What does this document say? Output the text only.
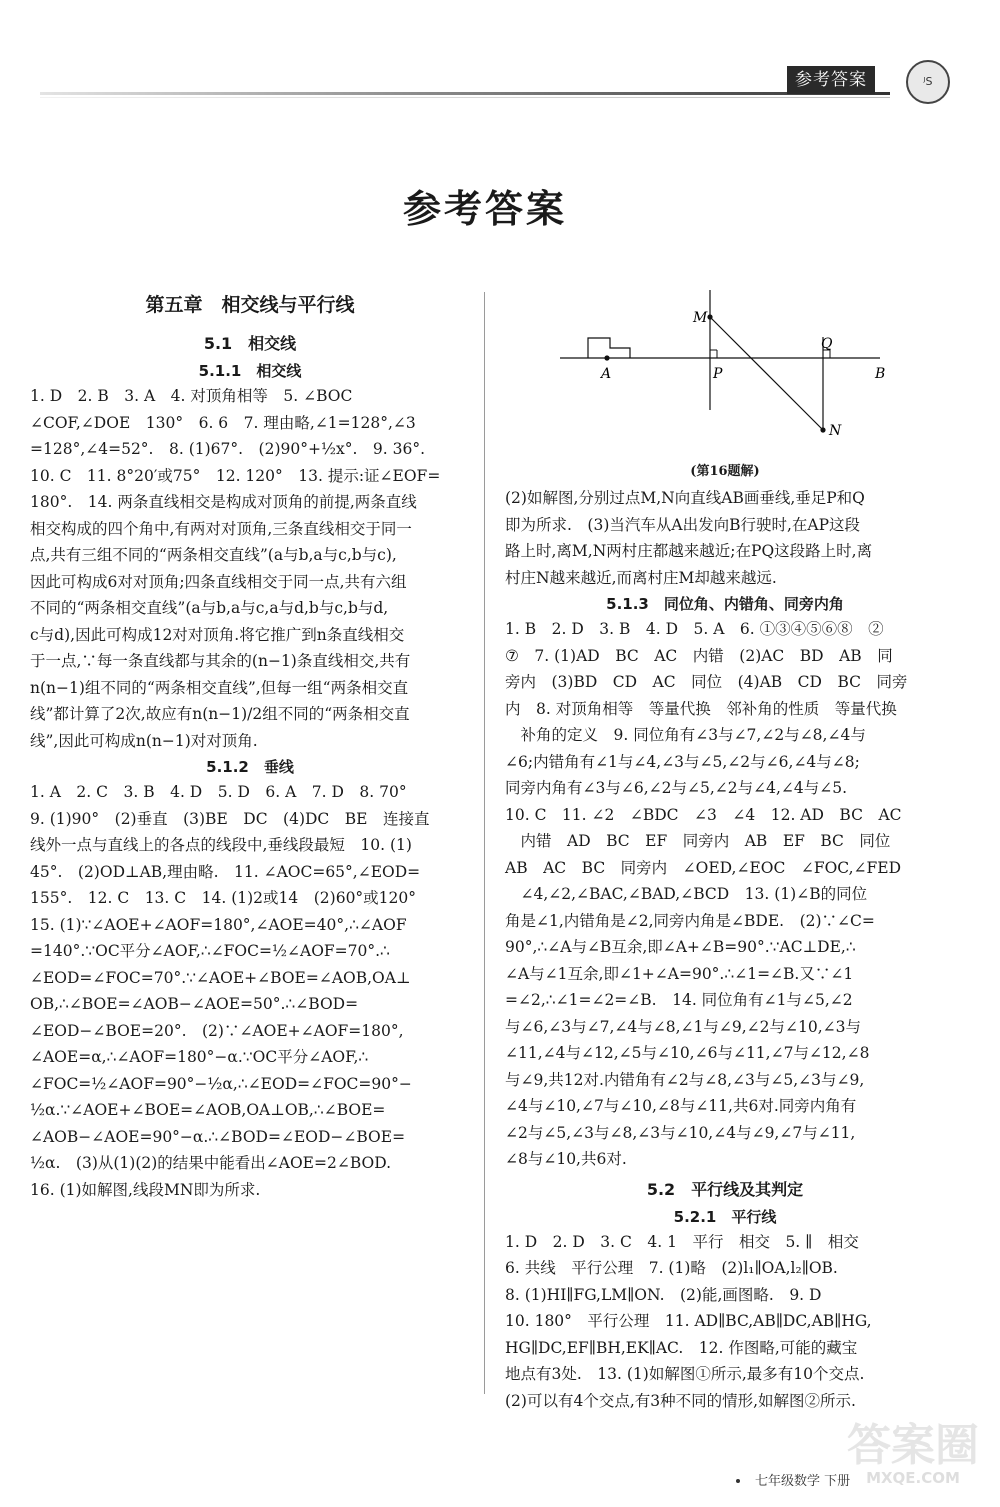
参考答案	ᴶS
参考答案
第五章　相交线与平行线
5.1　相交线
5.1.1　相交线
1. D　2. B　3. A　4. 对顶角相等　5. ∠BOC
∠COF,∠DOE　130°　6. 6　7. 理由略,∠1=128°,∠3
=128°,∠4=52°.　8. (1)67°.　(2)90°+½x°.　9. 36°.
10. C　11. 8°20′或75°　12. 120°　13. 提示:证∠EOF=
180°.　14. 两条直线相交是构成对顶角的前提,两条直线
相交构成的四个角中,有两对对顶角,三条直线相交于同一
点,共有三组不同的“两条相交直线”(a与b,a与c,b与c),
因此可构成6对对顶角;四条直线相交于同一点,共有六组
不同的“两条相交直线”(a与b,a与c,a与d,b与c,b与d,
c与d),因此可构成12对对顶角.将它推广到n条直线相交
于一点,∵每一条直线都与其余的(n−1)条直线相交,共有
n(n−1)组不同的“两条相交直线”,但每一组“两条相交直
线”都计算了2次,故应有n(n−1)/2组不同的“两条相交直
线”,因此可构成n(n−1)对对顶角.
5.1.2　垂线
1. A　2. C　3. B　4. D　5. D　6. A　7. D　8. 70°
9. (1)90°　(2)垂直　(3)BE　DC　(4)DC　BE　连接直
线外一点与直线上的各点的线段中,垂线段最短　10. (1)
45°.　(2)OD⊥AB,理由略.　11. ∠AOC=65°,∠EOD=
155°.　12. C　13. C　14. (1)2或14　(2)60°或120°
15. (1)∵∠AOE+∠AOF=180°,∠AOE=40°,∴∠AOF
=140°.∵OC平分∠AOF,∴∠FOC=½∠AOF=70°.∴
∠EOD=∠FOC=70°.∵∠AOE+∠BOE=∠AOB,OA⊥
OB,∴∠BOE=∠AOB−∠AOE=50°.∴∠BOD=
∠EOD−∠BOE=20°.　(2)∵∠AOE+∠AOF=180°,
∠AOE=α,∴∠AOF=180°−α.∵OC平分∠AOF,∴
∠FOC=½∠AOF=90°−½α,∴∠EOD=∠FOC=90°−
½α.∵∠AOE+∠BOE=∠AOB,OA⊥OB,∴∠BOE=
∠AOB−∠AOE=90°−α.∴∠BOD=∠EOD−∠BOE=
½α.　(3)从(1)(2)的结果中能看出∠AOE=2∠BOD.
16. (1)如解图,线段MN即为所求.
M
Q
A	P	B
N
(第16题解)
(2)如解图,分别过点M,N向直线AB画垂线,垂足P和Q
即为所求.　(3)当汽车从A出发向B行驶时,在AP这段
路上时,离M,N两村庄都越来越近;在PQ这段路上时,离
村庄N越来越近,而离村庄M却越来越远.
5.1.3　同位角、内错角、同旁内角
1. B　2. D　3. B　4. D　5. A　6. ①③④⑤⑥⑧　②
⑦　7. (1)AD　BC　AC　内错　(2)AC　BD　AB　同
旁内　(3)BD　CD　AC　同位　(4)AB　CD　BC　同旁
内　8. 对顶角相等　等量代换　邻补角的性质　等量代换
　补角的定义　9. 同位角有∠3与∠7,∠2与∠8,∠4与
∠6;内错角有∠1与∠4,∠3与∠5,∠2与∠6,∠4与∠8;
同旁内角有∠3与∠6,∠2与∠5,∠2与∠4,∠4与∠5.
10. C　11. ∠2　∠BDC　∠3　∠4　12. AD　BC　AC
　内错　AD　BC　EF　同旁内　AB　EF　BC　同位
AB　AC　BC　同旁内　∠OED,∠EOC　∠FOC,∠FED
　∠4,∠2,∠BAC,∠BAD,∠BCD　13. (1)∠B的同位
角是∠1,内错角是∠2,同旁内角是∠BDE.　(2)∵∠C=
90°,∴∠A与∠B互余,即∠A+∠B=90°.∵AC⊥DE,∴
∠A与∠1互余,即∠1+∠A=90°.∴∠1=∠B.又∵∠1
=∠2,∴∠1=∠2=∠B.　14. 同位角有∠1与∠5,∠2
与∠6,∠3与∠7,∠4与∠8,∠1与∠9,∠2与∠10,∠3与
∠11,∠4与∠12,∠5与∠10,∠6与∠11,∠7与∠12,∠8
与∠9,共12对.内错角有∠2与∠8,∠3与∠5,∠3与∠9,
∠4与∠10,∠7与∠10,∠8与∠11,共6对.同旁内角有
∠2与∠5,∠3与∠8,∠3与∠10,∠4与∠9,∠7与∠11,
∠8与∠10,共6对.
5.2　平行线及其判定
5.2.1　平行线
1. D　2. D　3. C　4. 1　平行　相交　5. ∥　相交
6. 共线　平行公理　7. (1)略　(2)l₁∥OA,l₂∥OB.
8. (1)HI∥FG,LM∥ON.　(2)能,画图略.　9. D
10. 180°　平行公理　11. AD∥BC,AB∥DC,AB∥HG,
HG∥DC,EF∥BH,EK∥AC.　12. 作图略,可能的藏宝
地点有3处.　13. (1)如解图①所示,最多有10个交点.
(2)可以有4个交点,有3种不同的情形,如解图②所示.
七年级数学 下册
答案圈
MXQE.COM
